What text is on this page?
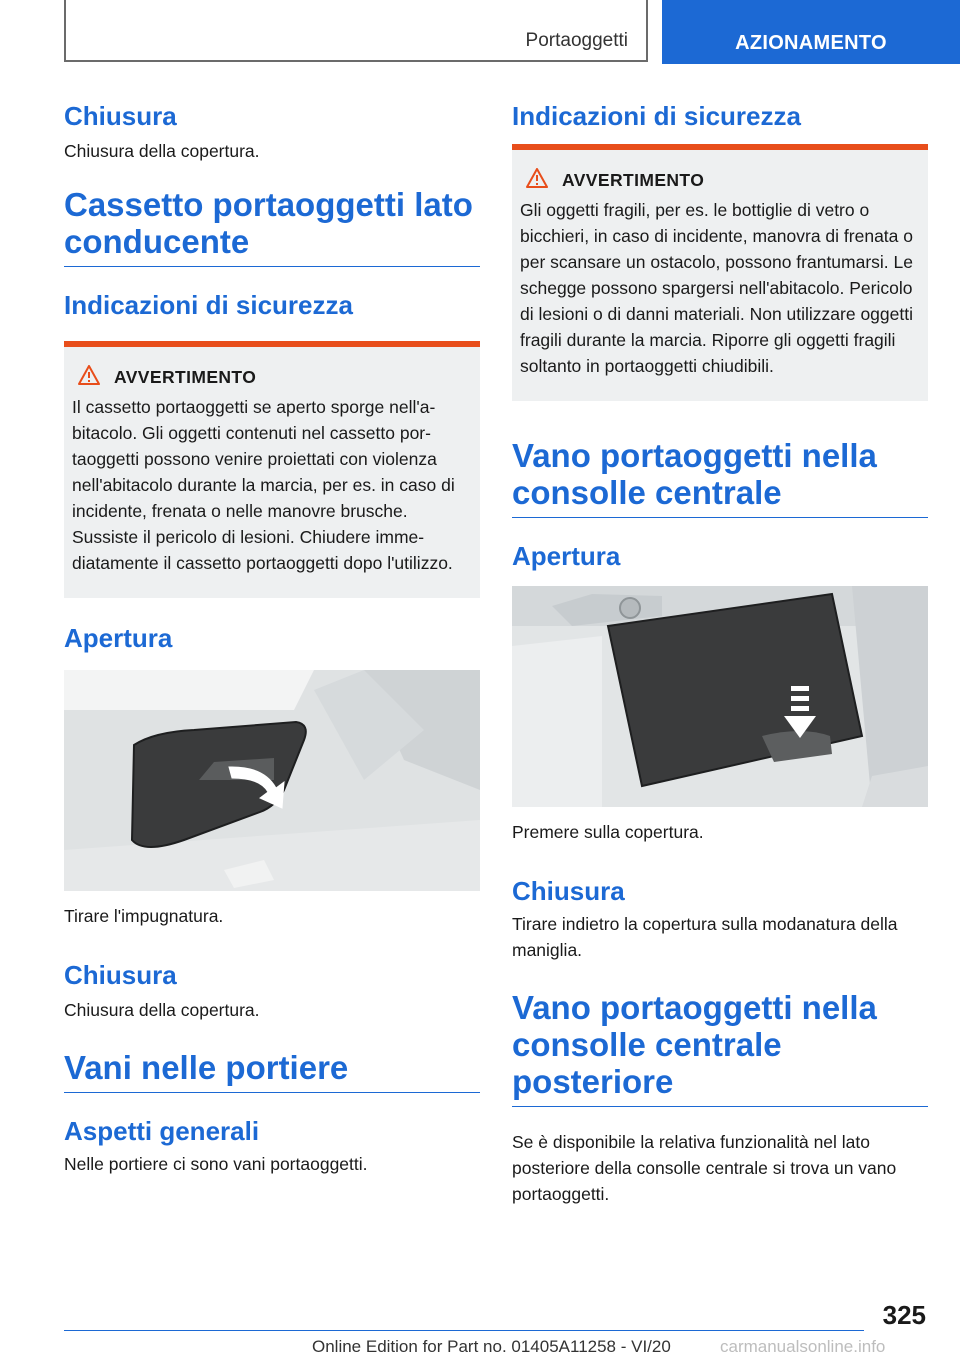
Portaoggetti	AZIONAMENTO
Chiusura

Chiusura della copertura.

Cassetto portaoggetti lato conducente
Indicazioni di sicurezza
AVVERTIMENTO
Il cassetto portaoggetti se aperto sporge nell'abitacolo. Gli oggetti contenuti nel cassetto portaoggetti possono venire proiettati con violenza nell'abitacolo durante la marcia, per es. in caso di incidente, frenata o nelle manovre brusche. Sussiste il pericolo di lesioni. Chiudere immediatamente il cassetto portaoggetti dopo l'utilizzo.
Apertura

Tirare l'impugnatura.

Chiusura

Chiusura della copertura.

Vani nelle portiere
Aspetti generali

Nelle portiere ci sono vani portaoggetti.

Indicazioni di sicurezza
AVVERTIMENTO
Gli oggetti fragili, per es. le bottiglie di vetro o bicchieri, in caso di incidente, manovra di frenata o per scansare un ostacolo, possono frantumarsi. Le schegge possono spargersi nell'abitacolo. Pericolo di lesioni o di danni materiali. Non utilizzare oggetti fragili durante la marcia. Riporre gli oggetti fragili soltanto in portaoggetti chiudibili.
Vano portaoggetti nella consolle centrale
Apertura

Premere sulla copertura.

Chiusura

Tirare indietro la copertura sulla modanatura della maniglia.

Vano portaoggetti nella consolle centrale posteriore

Se è disponibile la relativa funzionalità nel lato posteriore della consolle centrale si trova un vano portaoggetti.

325
Online Edition for Part no. 01405A11258 - VI/20	carmanualsonline.info
